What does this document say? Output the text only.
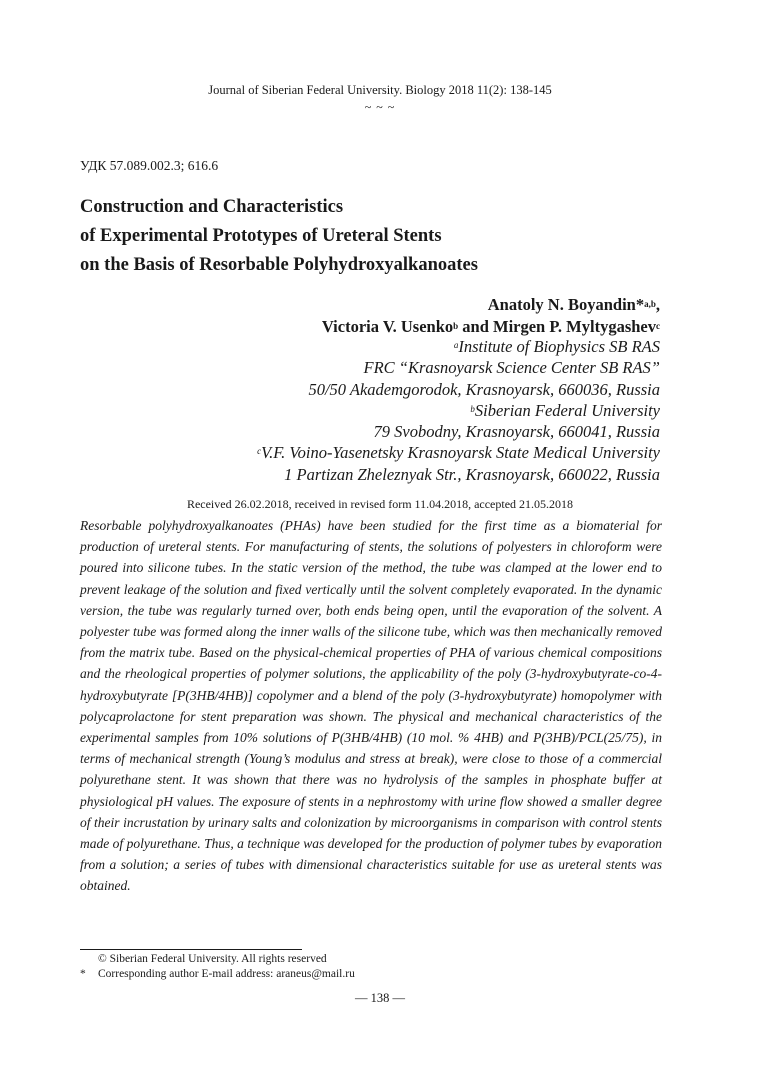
Journal of Siberian Federal University. Biology 2018 11(2): 138-145
~ ~ ~
УДК 57.089.002.3; 616.6
Construction and Characteristics
of Experimental Prototypes of Ureteral Stents
on the Basis of Resorbable Polyhydroxyalkanoates
Anatoly N. Boyandin*$^{a,b}$,
Victoria V. Usenko$^b$ and Mirgen P. Myltygashev$^c$
$^a$Institute of Biophysics SB RAS
FRC “Krasnoyarsk Science Center SB RAS”
50/50 Akademgorodok, Krasnoyarsk, 660036, Russia
$^b$Siberian Federal University
79 Svobodny, Krasnoyarsk, 660041, Russia
$^c$V.F. Voino-Yasenetsky Krasnoyarsk State Medical University
1 Partizan Zheleznyak Str., Krasnoyarsk, 660022, Russia
Received 26.02.2018, received in revised form 11.04.2018, accepted 21.05.2018

Resorbable polyhydroxyalkanoates (PHAs) have been studied for the first time as a biomaterial for production of ureteral stents. For manufacturing of stents, the solutions of polyesters in chloroform were poured into silicone tubes. In the static version of the method, the tube was clamped at the lower end to prevent leakage of the solution and fixed vertically until the solvent completely evaporated. In the dynamic version, the tube was regularly turned over, both ends being open, until the evaporation of the solvent. A polyester tube was formed along the inner walls of the silicone tube, which was then mechanically removed from the matrix tube. Based on the physical-chemical properties of PHA of various chemical compositions and the rheological properties of polymer solutions, the applicability of the poly (3-hydroxybutyrate-co-4-hydroxybutyrate [P(3HB/4HB)] copolymer and a blend of the poly (3-hydroxybutyrate) homopolymer with polycaprolactone for stent preparation was shown. The physical and mechanical characteristics of the experimental samples from 10% solutions of P(3HB/4HB) (10 mol. % 4HB) and P(3HB)/PCL(25/75), in terms of mechanical strength (Young’s modulus and stress at break), were close to those of a commercial polyurethane stent. It was shown that there was no hydrolysis of the samples in phosphate buffer at physiological pH values. The exposure of stents in a nephrostomy with urine flow showed a smaller degree of their incrustation by urinary salts and colonization by microorganisms in comparison with control stents made of polyurethane. Thus, a technique was developed for the production of polymer tubes by evaporation from a solution; a series of tubes with dimensional characteristics suitable for use as ureteral stents was obtained.

© Siberian Federal University. All rights reserved
* Corresponding author E-mail address: araneus@mail.ru
— 138 —
